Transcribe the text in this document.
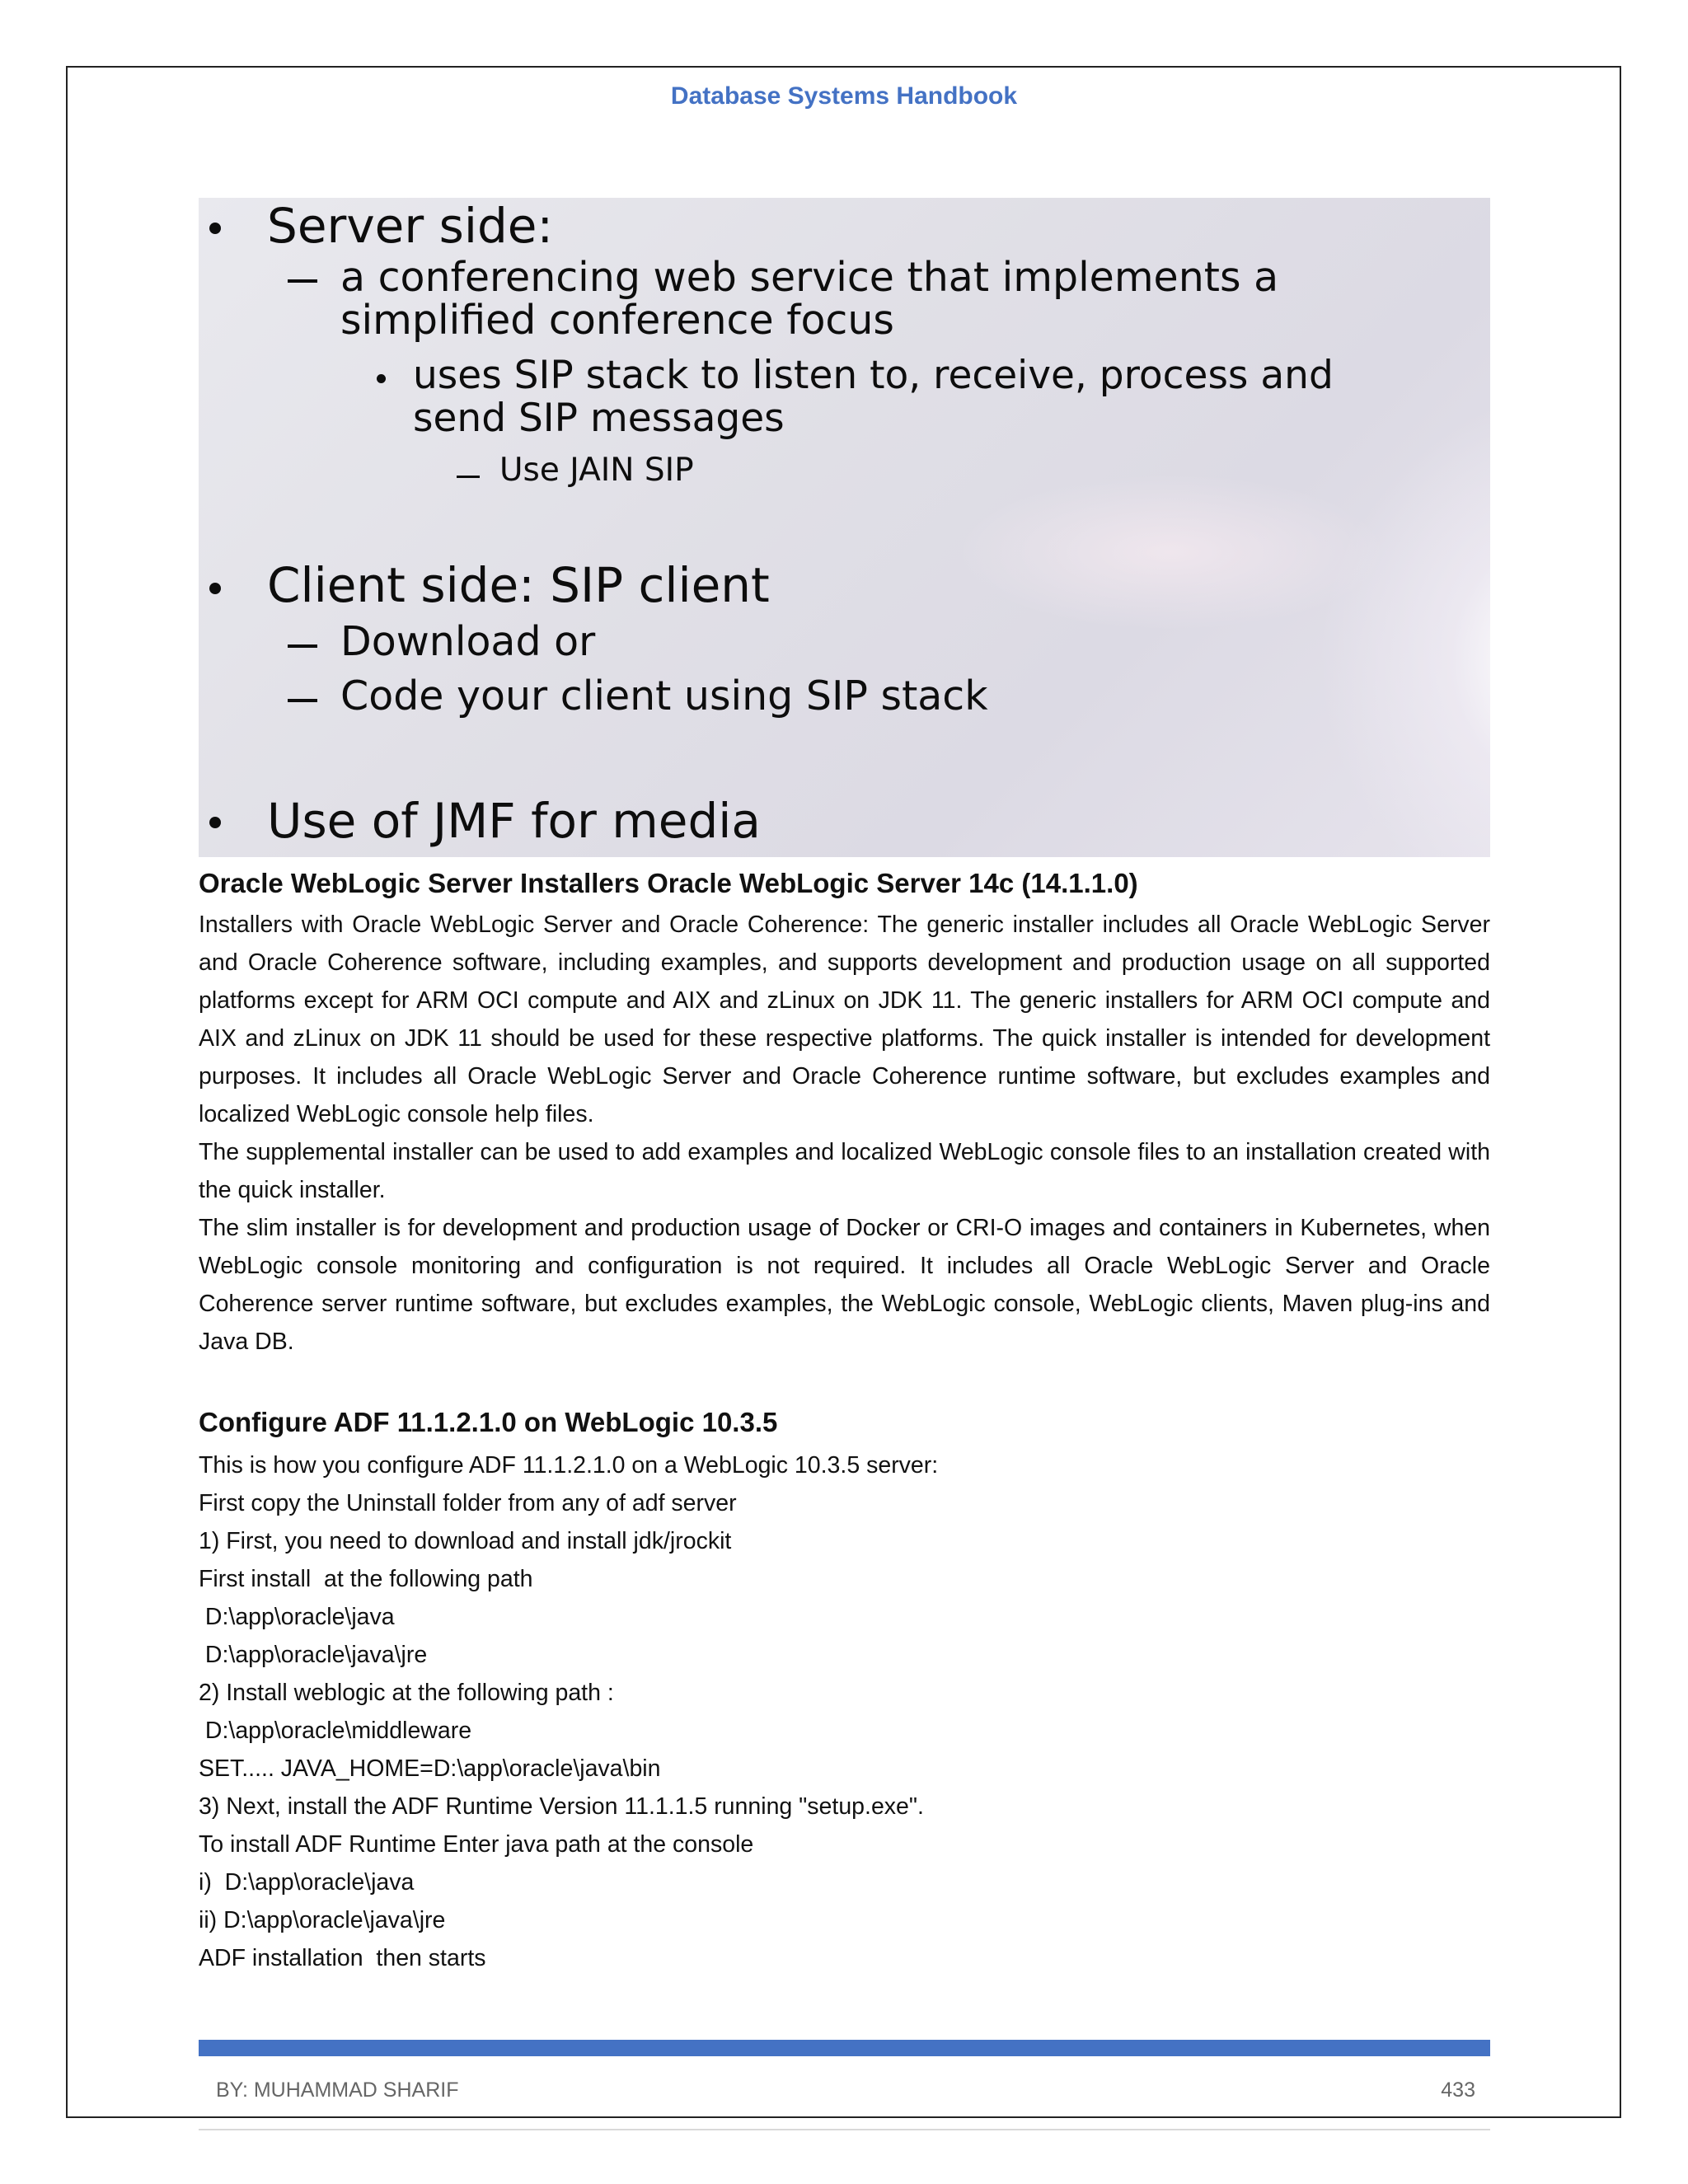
Database Systems Handbook
Server side:
a conferencing web service that implements a
simplified conference focus
uses SIP stack to listen to, receive, process and
send SIP messages
Use JAIN SIP
Client side: SIP client
Download or
Code your client using SIP stack
Use of JMF for media
Oracle WebLogic Server Installers Oracle WebLogic Server 14c (14.1.1.0)

Installers with Oracle WebLogic Server and Oracle Coherence: The generic installer includes all Oracle WebLogic Server and Oracle Coherence software, including examples, and supports development and production usage on all supported platforms except for ARM OCI compute and AIX and zLinux on JDK 11. The generic installers for ARM OCI compute and AIX and zLinux on JDK 11 should be used for these respective platforms. The quick installer is intended for development purposes. It includes all Oracle WebLogic Server and Oracle Coherence runtime software, but excludes examples and localized WebLogic console help files.

The supplemental installer can be used to add examples and localized WebLogic console files to an installation created with the quick installer.

The slim installer is for development and production usage of Docker or CRI-O images and containers in Kubernetes, when WebLogic console monitoring and configuration is not required. It includes all Oracle WebLogic Server and Oracle Coherence server runtime software, but excludes examples, the WebLogic console, WebLogic clients, Maven plug-ins and Java DB.

Configure ADF 11.1.2.1.0 on WebLogic 10.3.5

This is how you configure ADF 11.1.2.1.0 on a WebLogic 10.3.5 server:

First copy the Uninstall folder from any of adf server

1) First, you need to download and install jdk/jrockit

First install  at the following path

D:\app\oracle\java

D:\app\oracle\java\jre

2) Install weblogic at the following path :

D:\app\oracle\middleware

SET..... JAVA_HOME=D:\app\oracle\java\bin

3) Next, install the ADF Runtime Version 11.1.1.5 running "setup.exe".

To install ADF Runtime Enter java path at the console

i)  D:\app\oracle\java

ii) D:\app\oracle\java\jre

ADF installation  then starts

BY: MUHAMMAD SHARIF	433
